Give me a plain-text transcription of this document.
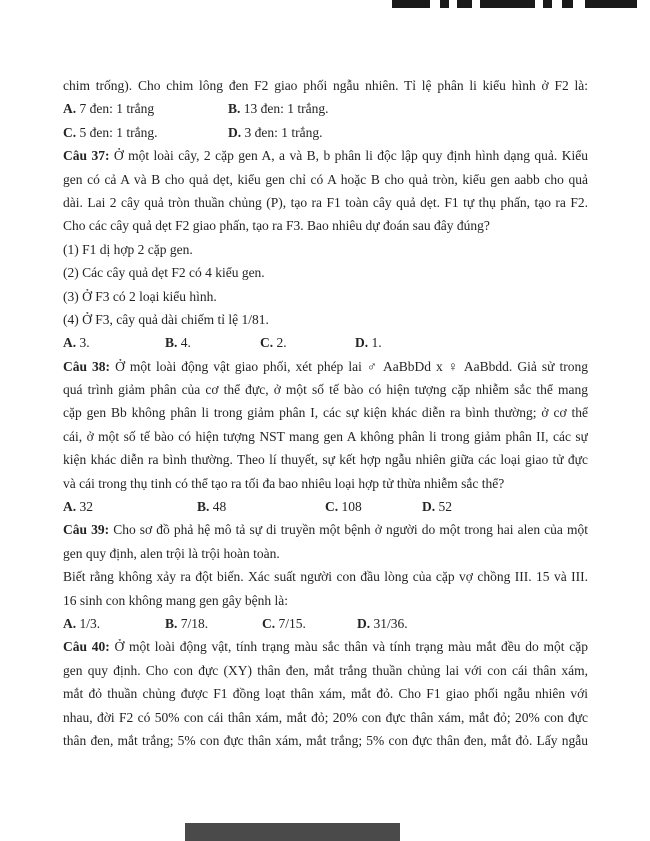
chim trống). Cho chim lông đen F2 giao phối ngẫu nhiên. Tỉ lệ phân li kiểu hình ở F2 là:
A. 7 đen: 1 trắng	B. 13 đen: 1 trắng.
C. 5 đen: 1 trắng.	D. 3 đen: 1 trắng.
Câu 37: Ở một loài cây, 2 cặp gen A, a và B, b phân li độc lập quy định hình dạng quả. Kiểu
gen có cả A và B cho quả dẹt, kiểu gen chỉ có A hoặc B cho quả tròn, kiểu gen aabb cho quả
dài. Lai 2 cây quả tròn thuần chủng (P), tạo ra F1 toàn cây quả dẹt. F1 tự thụ phấn, tạo ra F2.
Cho các cây quả dẹt F2 giao phấn, tạo ra F3. Bao nhiêu dự đoán sau đây đúng?
(1) F1 dị hợp 2 cặp gen.
(2) Các cây quả dẹt F2 có 4 kiểu gen.
(3) Ở F3 có 2 loại kiểu hình.
(4) Ở F3, cây quả dài chiếm tỉ lệ 1/81.
A. 3.	B. 4.	C. 2.	D. 1.
Câu 38: Ở một loài động vật giao phối, xét phép lai ♂ AaBbDd x ♀ AaBbdd. Giả sử trong
quá trình giảm phân của cơ thể đực, ở một số tế bào có hiện tượng cặp nhiễm sắc thể mang
cặp gen Bb không phân li trong giảm phân I, các sự kiện khác diễn ra bình thường; ở cơ thể
cái, ở một số tế bào có hiện tượng NST mang gen A không phân li trong giảm phân II, các sự
kiện khác diễn ra bình thường. Theo lí thuyết, sự kết hợp ngẫu nhiên giữa các loại giao tử đực
và cái trong thụ tinh có thể tạo ra tối đa bao nhiêu loại hợp tử thừa nhiễm sắc thể?
A. 32	B. 48	C. 108	D. 52
Câu 39: Cho sơ đồ phả hệ mô tả sự di truyền một bệnh ở người do một trong hai alen của một
gen quy định, alen trội là trội hoàn toàn.
Biết rằng không xảy ra đột biến. Xác suất người con đầu lòng của cặp vợ chồng III. 15 và III.
16 sinh con không mang gen gây bệnh là:
A. 1/3.	B. 7/18.	C. 7/15.	D. 31/36.
Câu 40: Ở một loài động vật, tính trạng màu sắc thân và tính trạng màu mắt đều do một cặp
gen quy định. Cho con đực (XY) thân đen, mắt trắng thuần chủng lai với con cái thân xám,
mắt đỏ thuần chủng được F1 đồng loạt thân xám, mắt đỏ. Cho F1 giao phối ngẫu nhiên với
nhau, đời F2 có 50% con cái thân xám, mắt đỏ; 20% con đực thân xám, mắt đỏ; 20% con đực
thân đen, mắt trắng; 5% con đực thân xám, mắt trắng; 5% con đực thân đen, mắt đỏ. Lấy ngẫu
